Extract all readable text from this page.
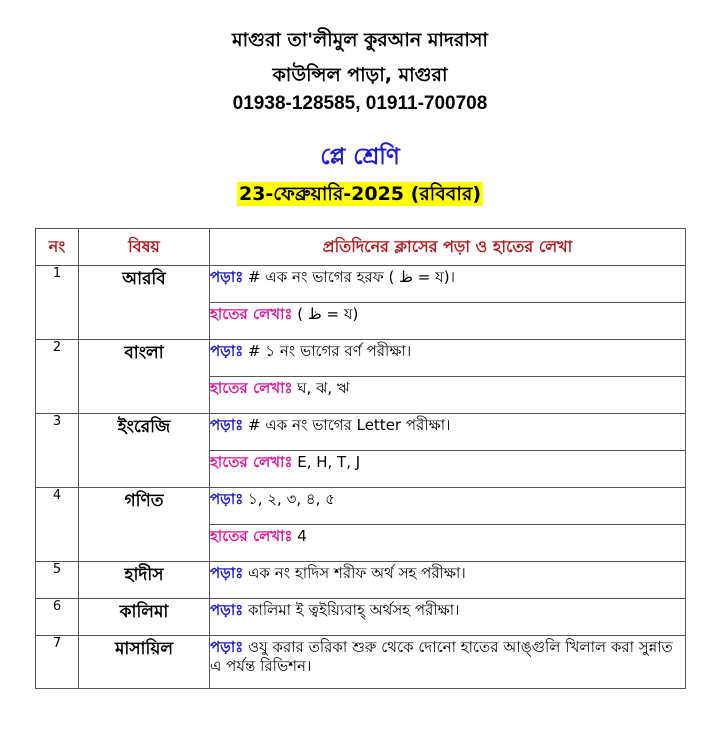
মাগুরা তা'লীমুল কুরআন মাদরাসা
কাউন্সিল পাড়া, মাগুরা
01938-128585, 01911-700708
প্লে শ্রেণি
23-ফেব্রুয়ারি-2025 (রবিবার)
নং	বিষয়	প্রতিদিনের ক্লাসের পড়া ও হাতের লেখা
1	আরবি	পড়াঃ # এক নং ভাগের হরফ ( ظ = য)।
		হাতের লেখাঃ ( ظ = য)
2	বাংলা	পড়াঃ # ১ নং ভাগের বর্ণ পরীক্ষা।
		হাতের লেখাঃ ঘ, ঝ, ঋ
3	ইংরেজি	পড়াঃ # এক নং ভাগের Letter পরীক্ষা।
		হাতের লেখাঃ E, H, T, J
4	গণিত	পড়াঃ ১, ২, ৩, ৪, ৫
		হাতের লেখাঃ 4
5	হাদীস	পড়াঃ এক নং হাদিস শরীফ অর্থ সহ পরীক্ষা।
6	কালিমা	পড়াঃ কালিমা ই ত্বইয়্যিবাহ্ অর্থসহ পরীক্ষা।
7	মাসায়িল	পড়াঃ ওযু করার তরিকা শুরু থেকে দোনো হাতের আঙ্গুলি খিলাল করা সুন্নাত এ পর্যন্ত রিভিশন।
